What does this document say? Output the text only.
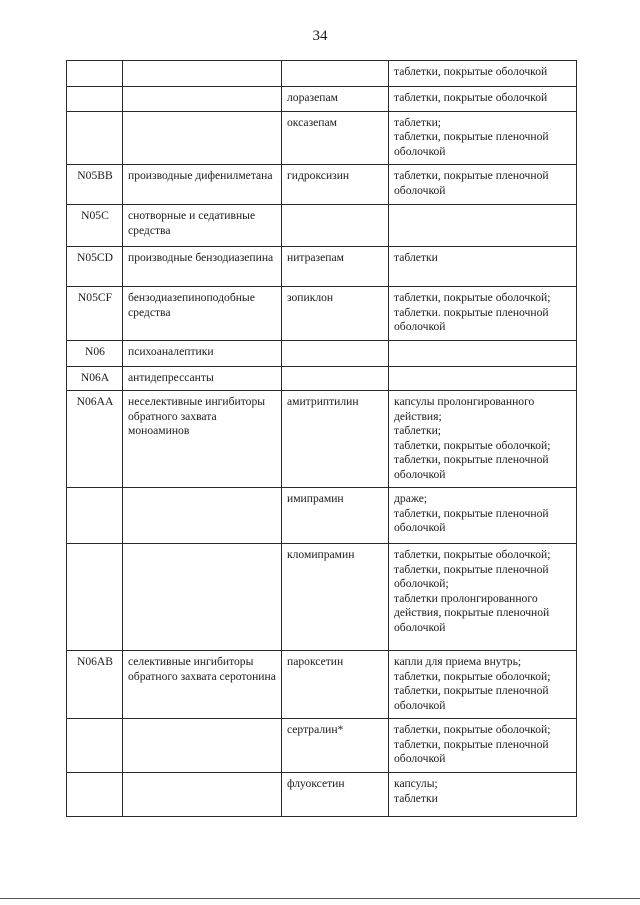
34
			таблетки, покрытые оболочкой
		лоразепам	таблетки, покрытые оболочкой
		оксазепам	таблетки;
таблетки, покрытые пленочной оболочкой
N05BB	производные дифенилметана	гидроксизин	таблетки, покрытые пленочной оболочкой
N05C	снотворные и седативные средства		
N05CD	производные бензодиазепина	нитразепам	таблетки
N05CF	бензодиазепиноподобные средства	зопиклон	таблетки, покрытые оболочкой;
таблетки. покрытые пленочной оболочкой
N06	психоаналептики		
N06A	антидепрессанты		
N06AA	неселективные ингибиторы обратного захвата моноаминов	амитриптилин	капсулы пролонгированного действия;
таблетки;
таблетки, покрытые оболочкой;
таблетки, покрытые пленочной оболочкой
		имипрамин	драже;
таблетки, покрытые пленочной оболочкой
		кломипрамин	таблетки, покрытые оболочкой;
таблетки, покрытые пленочной оболочкой;
таблетки пролонгированного действия, покрытые пленочной оболочкой
N06AB	селективные ингибиторы обратного захвата серотонина	пароксетин	капли для приема внутрь;
таблетки, покрытые оболочкой;
таблетки, покрытые пленочной оболочкой
		сертралин*	таблетки, покрытые оболочкой;
таблетки, покрытые пленочной оболочкой
		флуоксетин	капсулы;
таблетки
